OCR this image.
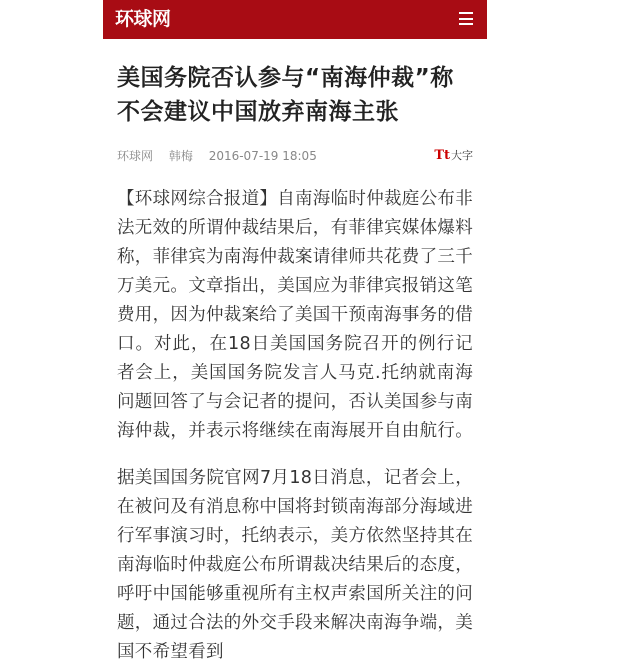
环球网
美国务院否认参与“南海仲裁”称不会建议中国放弃南海主张
环球网 韩梅 2016-07-19 18:05	Tt大字
【环球网综合报道】自南海临时仲裁庭公布非法无效的所谓仲裁结果后，有菲律宾媒体爆料称，菲律宾为南海仲裁案请律师共花费了三千万美元。文章指出，美国应为菲律宾报销这笔费用，因为仲裁案给了美国干预南海事务的借口。对此，在18日美国国务院召开的例行记者会上，美国国务院发言人马克.托纳就南海问题回答了与会记者的提问，否认美国参与南海仲裁，并表示将继续在南海展开自由航行。
据美国国务院官网7月18日消息，记者会上，在被问及有消息称中国将封锁南海部分海域进行军事演习时，托纳表示，美方依然坚持其在南海临时仲裁庭公布所谓裁决结果后的态度，呼吁中国能够重视所有主权声索国所关注的问题，通过合法的外交手段来解决南海争端，美国不希望看到
